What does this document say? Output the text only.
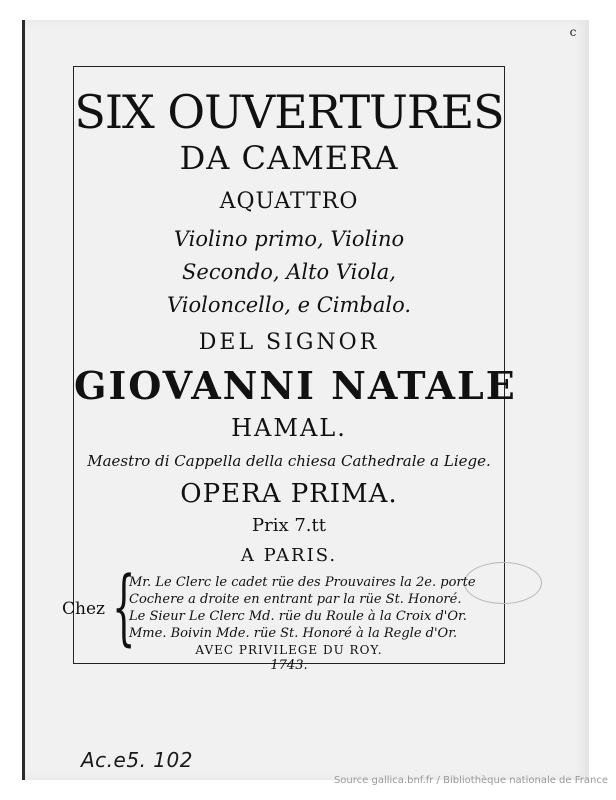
c
SIX OUVERTURES
DA CAMERA
AQUATTRO
Violino primo, Violino
Secondo, Alto Viola,
Violoncello, e Cimbalo.
DEL SIGNOR
GIOVANNI NATALE
HAMAL.
Maestro di Cappella della chiesa Cathedrale a Liege.
OPERA PRIMA.
Prix 7.tt
A PARIS.
Chez {
Mr. Le Clerc le cadet rüe des Prouvaires la 2e. porte
Cochere a droite en entrant par la rüe St. Honoré.
Le Sieur Le Clerc Md. rüe du Roule à la Croix d'Or.
Mme. Boivin Mde. rüe St. Honoré à la Regle d'Or.
AVEC PRIVILEGE DU ROY.
1743.
Ac.e5. 102
Source gallica.bnf.fr / Bibliothèque nationale de France
